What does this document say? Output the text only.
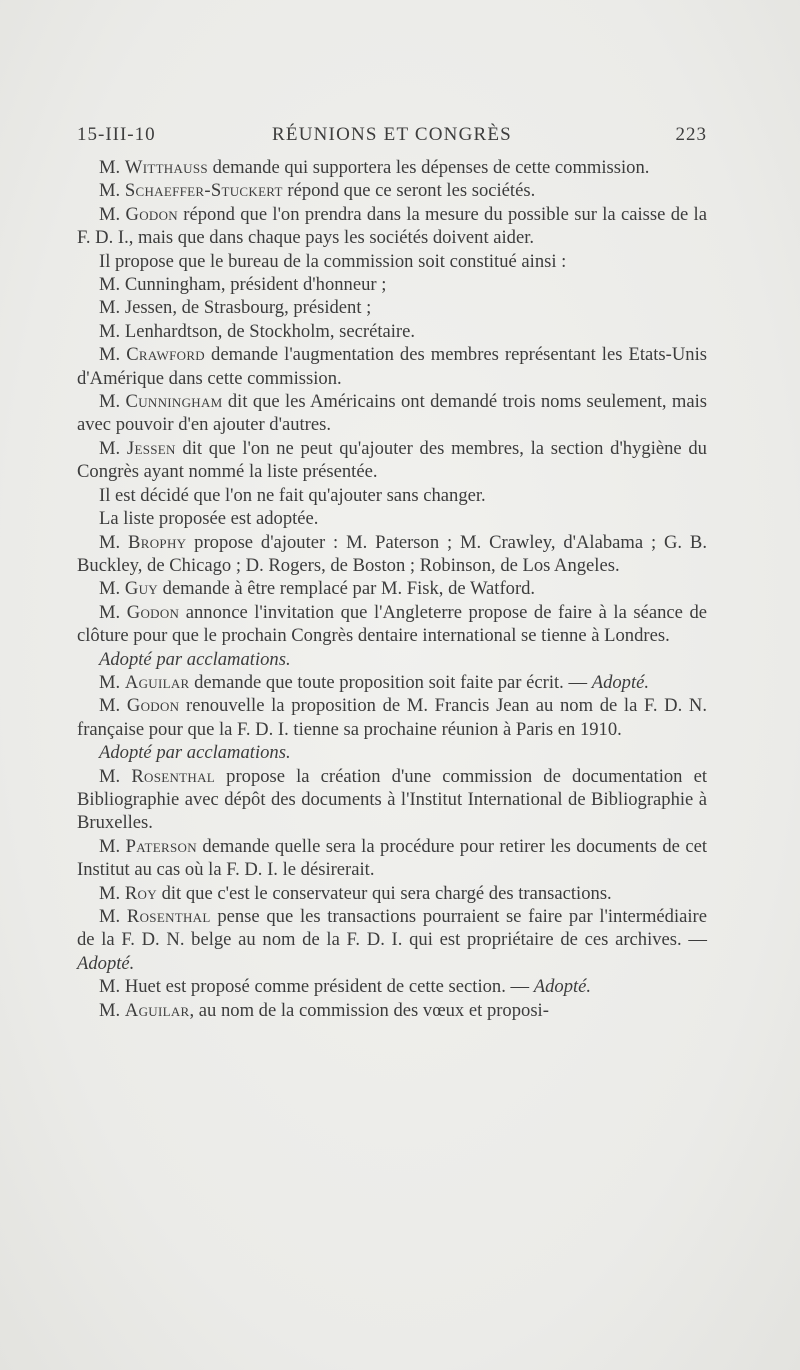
15-III-10	RÉUNIONS ET CONGRÈS	223

M. Witthauss demande qui supportera les dépenses de cette commission.

M. Schaeffer-Stuckert répond que ce seront les sociétés.

M. Godon répond que l'on prendra dans la mesure du possible sur la caisse de la F. D. I., mais que dans chaque pays les sociétés doivent aider.

Il propose que le bureau de la commission soit constitué ainsi :

M. Cunningham, président d'honneur ;

M. Jessen, de Strasbourg, président ;

M. Lenhardtson, de Stockholm, secrétaire.

M. Crawford demande l'augmentation des membres représentant les Etats-Unis d'Amérique dans cette commission.

M. Cunningham dit que les Américains ont demandé trois noms seulement, mais avec pouvoir d'en ajouter d'autres.

M. Jessen dit que l'on ne peut qu'ajouter des membres, la section d'hygiène du Congrès ayant nommé la liste présentée.

Il est décidé que l'on ne fait qu'ajouter sans changer.

La liste proposée est adoptée.

M. Brophy propose d'ajouter : M. Paterson ; M. Crawley, d'Alabama ; G. B. Buckley, de Chicago ; D. Rogers, de Boston ; Robinson, de Los Angeles.

M. Guy demande à être remplacé par M. Fisk, de Watford.

M. Godon annonce l'invitation que l'Angleterre propose de faire à la séance de clôture pour que le prochain Congrès dentaire international se tienne à Londres.

Adopté par acclamations.

M. Aguilar demande que toute proposition soit faite par écrit. — Adopté.

M. Godon renouvelle la proposition de M. Francis Jean au nom de la F. D. N. française pour que la F. D. I. tienne sa prochaine réunion à Paris en 1910.

Adopté par acclamations.

M. Rosenthal propose la création d'une commission de documentation et Bibliographie avec dépôt des documents à l'Institut International de Bibliographie à Bruxelles.

M. Paterson demande quelle sera la procédure pour retirer les documents de cet Institut au cas où la F. D. I. le désirerait.

M. Roy dit que c'est le conservateur qui sera chargé des transactions.

M. Rosenthal pense que les transactions pourraient se faire par l'intermédiaire de la F. D. N. belge au nom de la F. D. I. qui est propriétaire de ces archives. — Adopté.

M. Huet est proposé comme président de cette section. — Adopté.

M. Aguilar, au nom de la commission des vœux et proposi-
